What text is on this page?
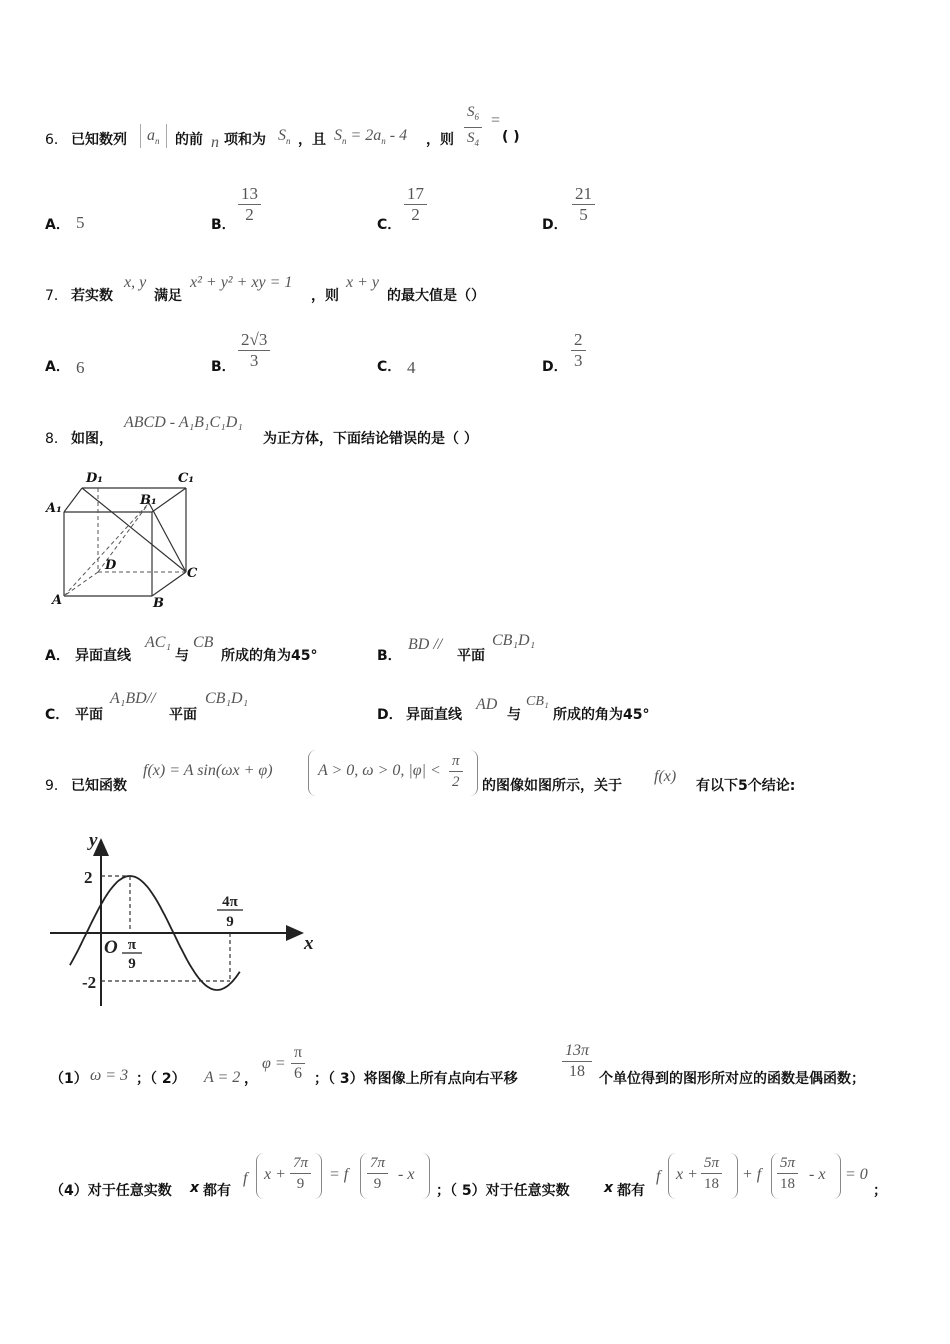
6． 已知数列	$a_n$	的前 n 项和为 $S_n$ ，且 $S_n = 2a_n - 4$ ，则 $\frac{S_6}{S_4}$ =
( )
A． 5	B． $\frac{13}{2}$	C． $\frac{17}{2}$	D． $\frac{21}{5}$
7． 若实数
x, y
满足
x² + y² + xy = 1
，则
x + y
的最大值是（）
A． 6	B． $\frac{2√3}{3}$	C． 4	D． $\frac{2}{3}$
8． 如图，
ABCD - A₁B₁C₁D₁
为正方体，下面结论错误的是（ ）
D₁	C₁
A₁
B₁
D
C
A	B
A． 异面直线
AC₁
与
CB
所成的角为45°	B．
BD //
平面
CB₁D₁
C． 平面
A₁BD//
平面
CB₁D₁
D． 异面直线
AD
与
CB₁
所成的角为45°
9． 已知函数
f(x) = A sin(ωx + φ)	A > 0, ω > 0, $|\varphi| < \frac{\pi}{2}$ 的图像如图所示，关于
f(x)
有以下5个结论:
y
x
O
2
-2
π
9
4π
9
（1） ω = 3 ；（ 2） A = 2 ，
$\varphi = \frac{\pi}{6}$ ；（ 3）将图像上所有点向右平移	$\frac{13\pi}{18}$ 个单位得到的图形所对应的函数是偶函数；
（4）对于任意实数 x 都有
f $x + \frac{7\pi}{9} = f \frac{7\pi}{9} - x$
；（ 5）对于任意实数 x 都有
f $x + \frac{5\pi}{18} + f \frac{5\pi}{18} - x = 0$
；
